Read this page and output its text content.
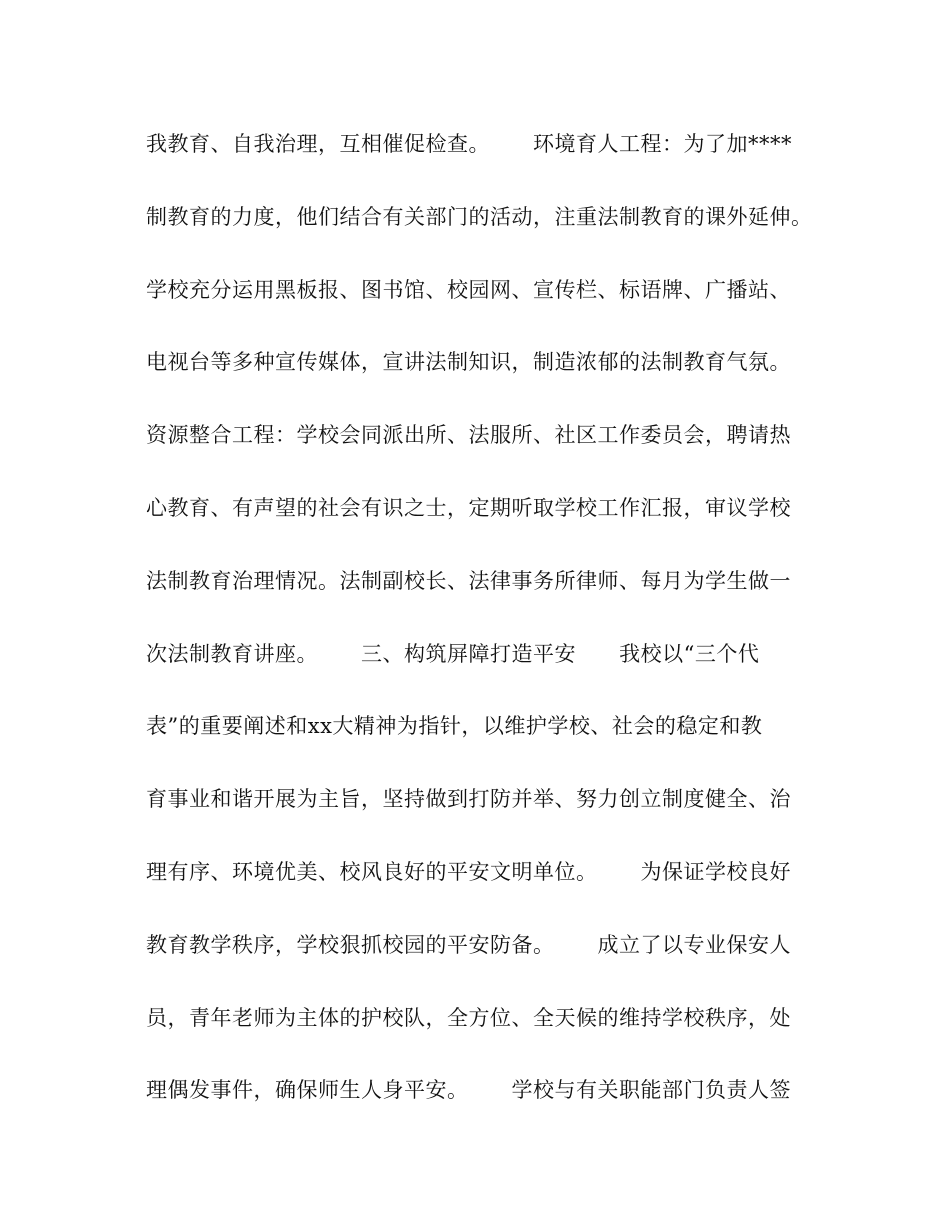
我教育、自我治理，互相催促检查。      环境育人工程：为了加****
制教育的力度，他们结合有关部门的活动，注重法制教育的课外延伸。
学校充分运用黑板报、图书馆、校园网、宣传栏、标语牌、广播站、
电视台等多种宣传媒体，宣讲法制知识，制造浓郁的法制教育气氛。
资源整合工程：学校会同派出所、法服所、社区工作委员会，聘请热
心教育、有声望的社会有识之士，定期听取学校工作汇报，审议学校
法制教育治理情况。法制副校长、法律事务所律师、每月为学生做一
次法制教育讲座。      三、构筑屏障打造平安      我校以“三个代
表”的重要阐述和xx大精神为指针，以维护学校、社会的稳定和教
育事业和谐开展为主旨，坚持做到打防并举、努力创立制度健全、治
理有序、环境优美、校风良好的平安文明单位。      为保证学校良好
教育教学秩序，学校狠抓校园的平安防备。      成立了以专业保安人
员，青年老师为主体的护校队，全方位、全天候的维持学校秩序，处
理偶发事件，确保师生人身平安。      学校与有关职能部门负责人签
